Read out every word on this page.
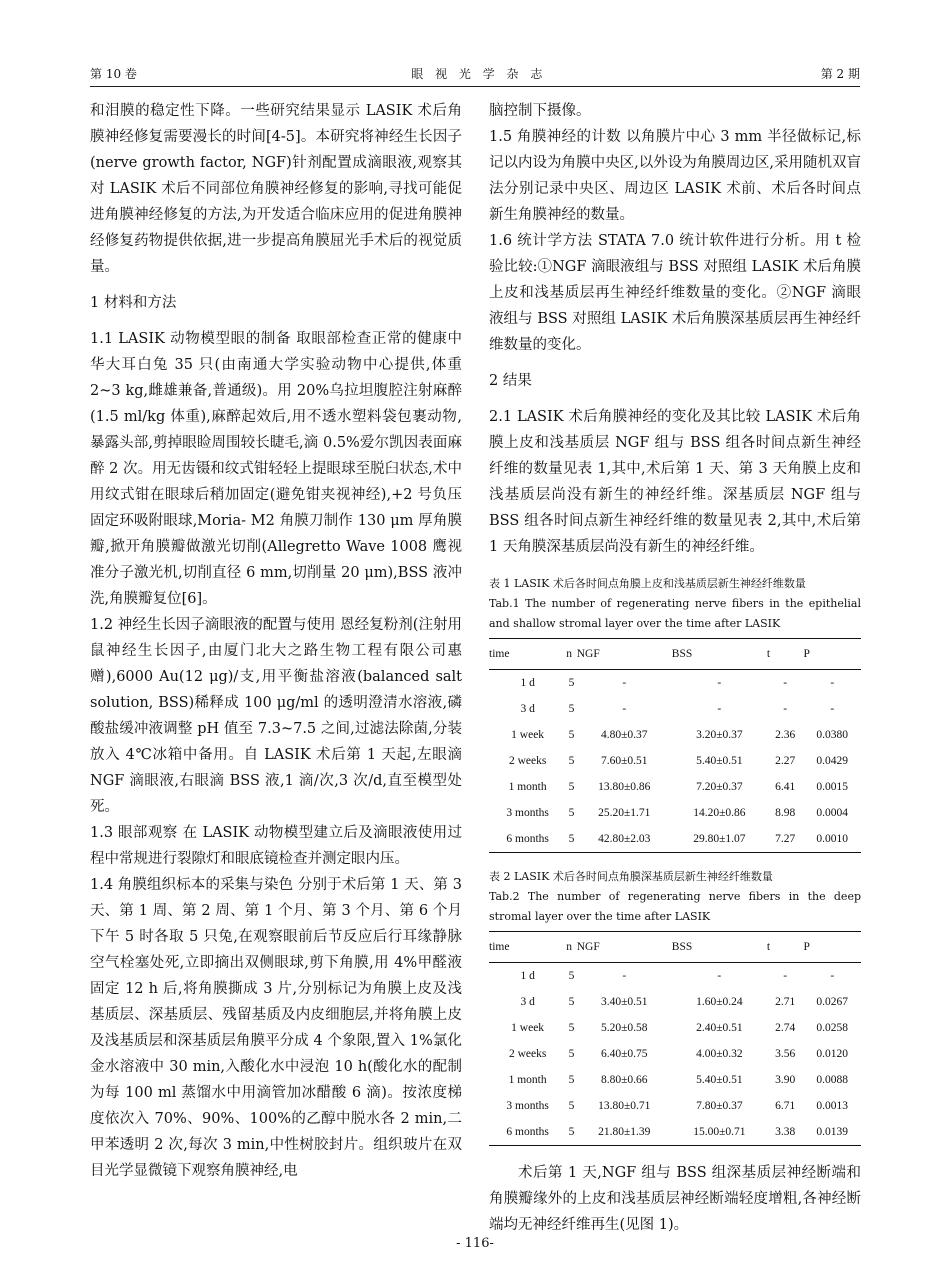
第 10 卷	眼 视 光 学 杂 志	第 2 期

和泪膜的稳定性下降。一些研究结果显示 LASIK 术后角膜神经修复需要漫长的时间[4-5]。本研究将神经生长因子(nerve growth factor, NGF)针剂配置成滴眼液,观察其对 LASIK 术后不同部位角膜神经修复的影响,寻找可能促进角膜神经修复的方法,为开发适合临床应用的促进角膜神经修复药物提供依据,进一步提高角膜屈光手术后的视觉质量。

1 材料和方法

1.1 LASIK 动物模型眼的制备 取眼部检查正常的健康中华大耳白兔 35 只(由南通大学实验动物中心提供,体重 2~3 kg,雌雄兼备,普通级)。用 20%乌拉坦腹腔注射麻醉(1.5 ml/kg 体重),麻醉起效后,用不透水塑料袋包裹动物,暴露头部,剪掉眼睑周围较长睫毛,滴 0.5%爱尔凯因表面麻醉 2 次。用无齿镊和纹式钳轻轻上提眼球至脱臼状态,术中用纹式钳在眼球后稍加固定(避免钳夹视神经),+2 号负压固定环吸附眼球,Moria- M2 角膜刀制作 130 μm 厚角膜瓣,掀开角膜瓣做激光切削(Allegretto Wave 1008 鹰视准分子激光机,切削直径 6 mm,切削量 20 μm),BSS 液冲洗,角膜瓣复位[6]。

1.2 神经生长因子滴眼液的配置与使用 恩经复粉剂(注射用鼠神经生长因子,由厦门北大之路生物工程有限公司惠赠),6000 Au(12 μg)/支,用平衡盐溶液(balanced salt solution, BSS)稀释成 100 μg/ml 的透明澄清水溶液,磷酸盐缓冲液调整 pH 值至 7.3~7.5 之间,过滤法除菌,分装放入 4℃冰箱中备用。自 LASIK 术后第 1 天起,左眼滴 NGF 滴眼液,右眼滴 BSS 液,1 滴/次,3 次/d,直至模型处死。

1.3 眼部观察 在 LASIK 动物模型建立后及滴眼液使用过程中常规进行裂隙灯和眼底镜检查并测定眼内压。

1.4 角膜组织标本的采集与染色 分别于术后第 1 天、第 3 天、第 1 周、第 2 周、第 1 个月、第 3 个月、第 6 个月下午 5 时各取 5 只兔,在观察眼前后节反应后行耳缘静脉空气栓塞处死,立即摘出双侧眼球,剪下角膜,用 4%甲醛液固定 12 h 后,将角膜撕成 3 片,分别标记为角膜上皮及浅基质层、深基质层、残留基质及内皮细胞层,并将角膜上皮及浅基质层和深基质层角膜平分成 4 个象限,置入 1%氯化金水溶液中 30 min,入酸化水中浸泡 10 h(酸化水的配制为每 100 ml 蒸馏水中用滴管加冰醋酸 6 滴)。按浓度梯度依次入 70%、90%、100%的乙醇中脱水各 2 min,二甲苯透明 2 次,每次 3 min,中性树胶封片。组织玻片在双目光学显微镜下观察角膜神经,电

脑控制下摄像。

1.5 角膜神经的计数 以角膜片中心 3 mm 半径做标记,标记以内设为角膜中央区,以外设为角膜周边区,采用随机双盲法分别记录中央区、周边区 LASIK 术前、术后各时间点新生角膜神经的数量。

1.6 统计学方法 STATA 7.0 统计软件进行分析。用 t 检验比较:①NGF 滴眼液组与 BSS 对照组 LASIK 术后角膜上皮和浅基质层再生神经纤维数量的变化。②NGF 滴眼液组与 BSS 对照组 LASIK 术后角膜深基质层再生神经纤维数量的变化。

2 结果

2.1 LASIK 术后角膜神经的变化及其比较 LASIK 术后角膜上皮和浅基质层 NGF 组与 BSS 组各时间点新生神经纤维的数量见表 1,其中,术后第 1 天、第 3 天角膜上皮和浅基质层尚没有新生的神经纤维。深基质层 NGF 组与 BSS 组各时间点新生神经纤维的数量见表 2,其中,术后第 1 天角膜深基质层尚没有新生的神经纤维。

表 1 LASIK 术后各时间点角膜上皮和浅基质层新生神经纤维数量

Tab.1 The number of regenerating nerve fibers in the epithelial and shallow stromal layer over the time after LASIK

time	n	NGF	BSS	t	P
1 d	5	-	-	-	-
3 d	5	-	-	-	-
1 week	5	4.80±0.37	3.20±0.37	2.36	0.0380
2 weeks	5	7.60±0.51	5.40±0.51	2.27	0.0429
1 month	5	13.80±0.86	7.20±0.37	6.41	0.0015
3 months	5	25.20±1.71	14.20±0.86	8.98	0.0004
6 months	5	42.80±2.03	29.80±1.07	7.27	0.0010

表 2 LASIK 术后各时间点角膜深基质层新生神经纤维数量

Tab.2 The number of regenerating nerve fibers in the deep stromal layer over the time after LASIK

time	n	NGF	BSS	t	P
1 d	5	-	-	-	-
3 d	5	3.40±0.51	1.60±0.24	2.71	0.0267
1 week	5	5.20±0.58	2.40±0.51	2.74	0.0258
2 weeks	5	6.40±0.75	4.00±0.32	3.56	0.0120
1 month	5	8.80±0.66	5.40±0.51	3.90	0.0088
3 months	5	13.80±0.71	7.80±0.37	6.71	0.0013
6 months	5	21.80±1.39	15.00±0.71	3.38	0.0139

术后第 1 天,NGF 组与 BSS 组深基质层神经断端和角膜瓣缘外的上皮和浅基质层神经断端轻度增粗,各神经断端均无神经纤维再生(见图 1)。

- 116-
